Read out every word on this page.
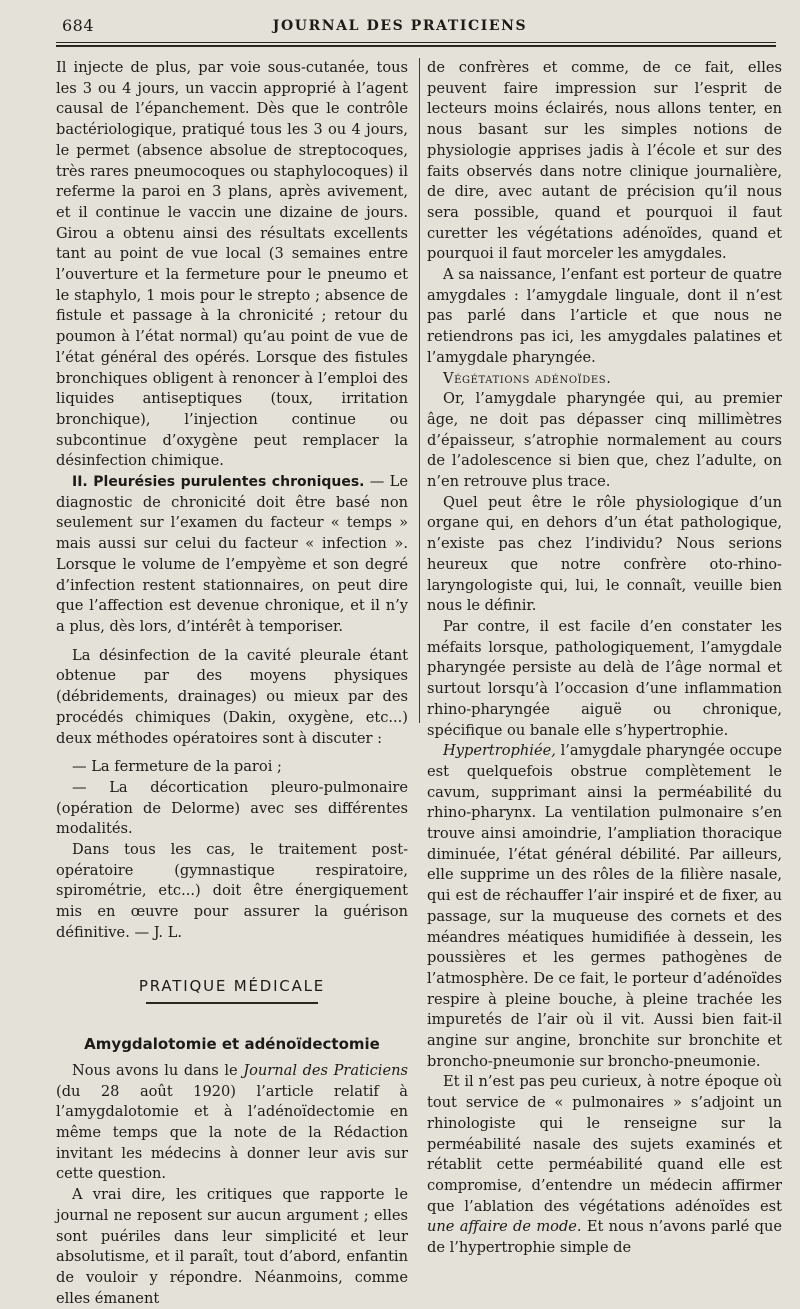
684	JOURNAL DES PRATICIENS

Il injecte de plus, par voie sous-cutanée, tous les 3 ou 4 jours, un vaccin approprié à l’agent causal de l’épanchement. Dès que le contrôle bactériologique, pratiqué tous les 3 ou 4 jours, le permet (absence absolue de streptocoques, très rares pneumocoques ou staphylocoques) il referme la paroi en 3 plans, après avivement, et il continue le vaccin une dizaine de jours. Girou a obtenu ainsi des résultats excellents tant au point de vue local (3 semaines entre l’ouverture et la fermeture pour le pneumo et le staphylo, 1 mois pour le strepto ; absence de fistule et passage à la chronicité ; retour du poumon à l’état normal) qu’au point de vue de l’état général des opérés. Lorsque des fistules bronchiques obligent à renoncer à l’emploi des liquides antiseptiques (toux, irritation bronchique), l’injection continue ou subcontinue d’oxygène peut remplacer la désinfection chimique.

II. Pleurésies purulentes chroniques. — Le diagnostic de chronicité doit être basé non seulement sur l’examen du facteur « temps » mais aussi sur celui du facteur « infection ». Lorsque le volume de l’empyème et son degré d’infection restent stationnaires, on peut dire que l’affection est devenue chronique, et il n’y a plus, dès lors, d’intérêt à temporiser.

La désinfection de la cavité pleurale étant obtenue par des moyens physiques (débridements, drainages) ou mieux par des procédés chimiques (Dakin, oxygène, etc...) deux méthodes opératoires sont à discuter :

— La fermeture de la paroi ;

— La décortication pleuro-pulmonaire (opération de Delorme) avec ses différentes modalités.

Dans tous les cas, le traitement post-opératoire (gymnastique respiratoire, spirométrie, etc...) doit être énergiquement mis en œuvre pour assurer la guérison définitive. — J. L.

PRATIQUE MÉDICALE
Amygdalotomie et adénoïdectomie

Nous avons lu dans le Journal des Praticiens (du 28 août 1920) l’article relatif à l’amygdalotomie et à l’adénoïdectomie en même temps que la note de la Rédaction invitant les médecins à donner leur avis sur cette question.

A vrai dire, les critiques que rapporte le journal ne reposent sur aucun argument ; elles sont puériles dans leur simplicité et leur absolutisme, et il paraît, tout d’abord, enfantin de vouloir y répondre. Néanmoins, comme elles émanent

de confrères et comme, de ce fait, elles peuvent faire impression sur l’esprit de lecteurs moins éclairés, nous allons tenter, en nous basant sur les simples notions de physiologie apprises jadis à l’école et sur des faits observés dans notre clinique journalière, de dire, avec autant de précision qu’il nous sera possible, quand et pourquoi il faut curetter les végétations adénoïdes, quand et pourquoi il faut morceler les amygdales.

A sa naissance, l’enfant est porteur de quatre amygdales : l’amygdale linguale, dont il n’est pas parlé dans l’article et que nous ne retiendrons pas ici, les amygdales palatines et l’amygdale pharyngée.

Végétations adénoïdes.

Or, l’amygdale pharyngée qui, au premier âge, ne doit pas dépasser cinq millimètres d’épaisseur, s’atrophie normalement au cours de l’adolescence si bien que, chez l’adulte, on n’en retrouve plus trace.

Quel peut être le rôle physiologique d’un organe qui, en dehors d’un état pathologique, n’existe pas chez l’individu? Nous serions heureux que notre confrère oto-rhino-laryngologiste qui, lui, le connaît, veuille bien nous le définir.

Par contre, il est facile d’en constater les méfaits lorsque, pathologiquement, l’amygdale pharyngée persiste au delà de l’âge normal et surtout lorsqu’à l’occasion d’une inflammation rhino-pharyngée aiguë ou chronique, spécifique ou banale elle s’hypertrophie.

Hypertrophiée, l’amygdale pharyngée occupe est quelquefois obstrue complètement le cavum, supprimant ainsi la perméabilité du rhino-pharynx. La ventilation pulmonaire s’en trouve ainsi amoindrie, l’ampliation thoracique diminuée, l’état général débilité. Par ailleurs, elle supprime un des rôles de la filière nasale, qui est de réchauffer l’air inspiré et de fixer, au passage, sur la muqueuse des cornets et des méandres méatiques humidifiée à dessein, les poussières et les germes pathogènes de l’atmosphère. De ce fait, le porteur d’adénoïdes respire à pleine bouche, à pleine trachée les impuretés de l’air où il vit. Aussi bien fait-il angine sur angine, bronchite sur bronchite et broncho-pneumonie sur broncho-pneumonie.

Et il n’est pas peu curieux, à notre époque où tout service de « pulmonaires » s’adjoint un rhinologiste qui le renseigne sur la perméabilité nasale des sujets examinés et rétablit cette perméabilité quand elle est compromise, d’entendre un médecin affirmer que l’ablation des végétations adénoïdes est une affaire de mode. Et nous n’avons parlé que de l’hypertrophie simple de
